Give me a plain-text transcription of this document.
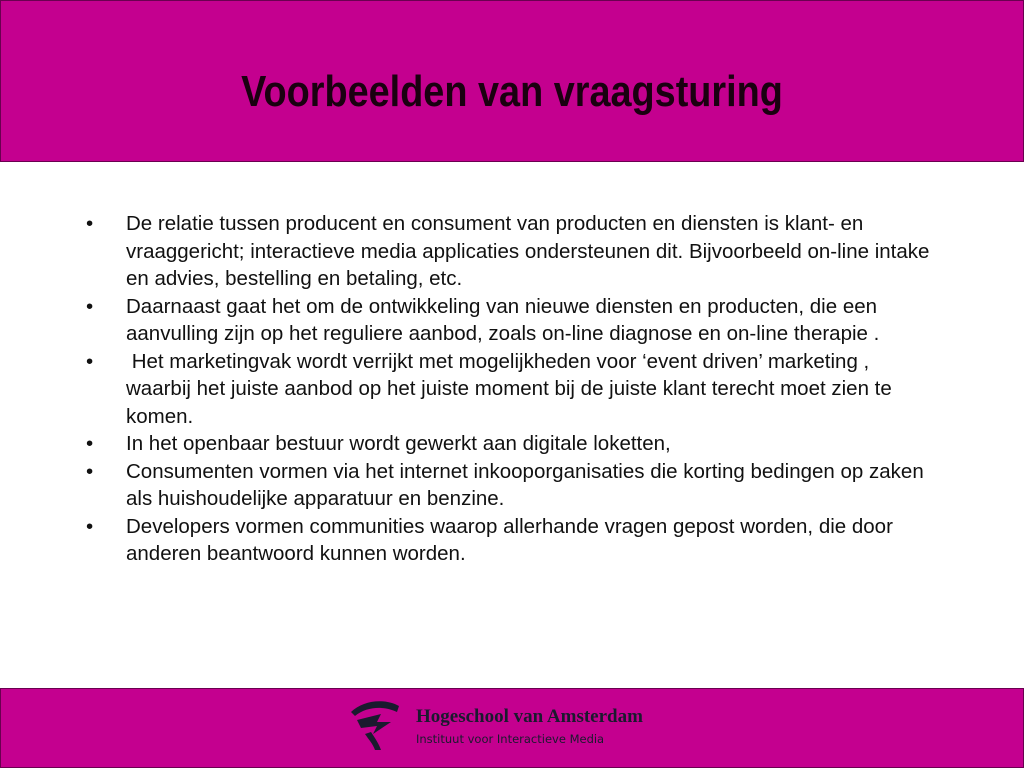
Voorbeelden van vraagsturing
•	De relatie tussen producent en consument van producten en diensten is klant- en vraaggericht; interactieve media applicaties ondersteunen dit. Bijvoorbeeld on-line intake en advies, bestelling en betaling, etc.
•	Daarnaast gaat het om de ontwikkeling van nieuwe diensten en producten, die een aanvulling zijn op het reguliere aanbod, zoals on-line diagnose en on-line therapie .
•	Het marketingvak wordt verrijkt met mogelijkheden voor ‘event driven’ marketing , waarbij het juiste aanbod op het juiste moment bij de juiste klant terecht moet zien te komen.
•	In het openbaar bestuur wordt gewerkt aan digitale loketten,
•	Consumenten vormen via het internet inkooporganisaties die korting bedingen op zaken als huishoudelijke apparatuur en benzine.
•	Developers vormen communities waarop allerhande vragen gepost worden, die door anderen beantwoord kunnen worden.
Hogeschool van Amsterdam
Instituut voor Interactieve Media
